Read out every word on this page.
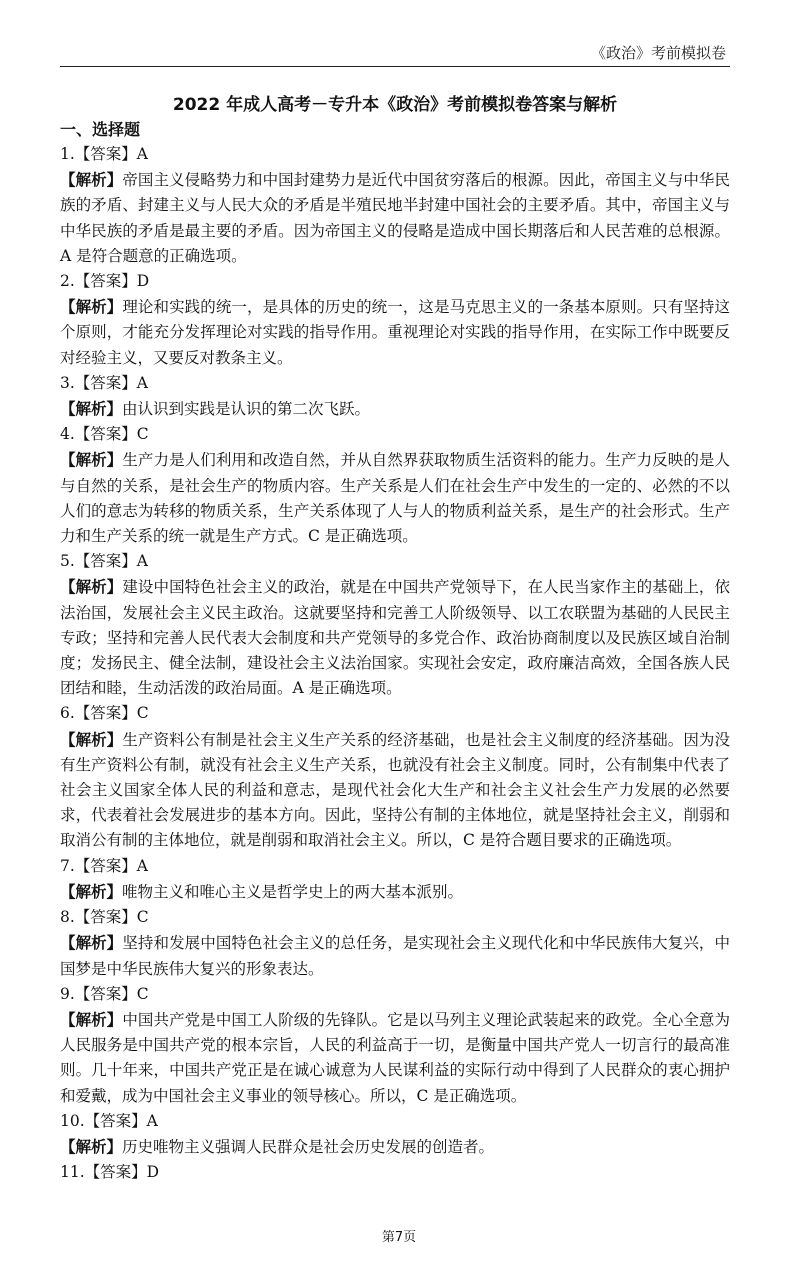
《政治》考前模拟卷
2022 年成人高考－专升本《政治》考前模拟卷答案与解析
一、选择题

1.【答案】A

【解析】帝国主义侵略势力和中国封建势力是近代中国贫穷落后的根源。因此，帝国主义与中华民族的矛盾、封建主义与人民大众的矛盾是半殖民地半封建中国社会的主要矛盾。其中，帝国主义与中华民族的矛盾是最主要的矛盾。因为帝国主义的侵略是造成中国长期落后和人民苦难的总根源。A 是符合题意的正确选项。

2.【答案】D

【解析】理论和实践的统一，是具体的历史的统一，这是马克思主义的一条基本原则。只有坚持这个原则，才能充分发挥理论对实践的指导作用。重视理论对实践的指导作用，在实际工作中既要反对经验主义，又要反对教条主义。

3.【答案】A

【解析】由认识到实践是认识的第二次飞跃。

4.【答案】C

【解析】生产力是人们利用和改造自然，并从自然界获取物质生活资料的能力。生产力反映的是人与自然的关系，是社会生产的物质内容。生产关系是人们在社会生产中发生的一定的、必然的不以人们的意志为转移的物质关系，生产关系体现了人与人的物质利益关系，是生产的社会形式。生产力和生产关系的统一就是生产方式。C 是正确选项。

5.【答案】A

【解析】建设中国特色社会主义的政治，就是在中国共产党领导下，在人民当家作主的基础上，依法治国，发展社会主义民主政治。这就要坚持和完善工人阶级领导、以工农联盟为基础的人民民主专政；坚持和完善人民代表大会制度和共产党领导的多党合作、政治协商制度以及民族区域自治制度；发扬民主、健全法制，建设社会主义法治国家。实现社会安定，政府廉洁高效，全国各族人民团结和睦，生动活泼的政治局面。A 是正确选项。

6.【答案】C

【解析】生产资料公有制是社会主义生产关系的经济基础，也是社会主义制度的经济基础。因为没有生产资料公有制，就没有社会主义生产关系，也就没有社会主义制度。同时，公有制集中代表了社会主义国家全体人民的利益和意志，是现代社会化大生产和社会主义社会生产力发展的必然要求，代表着社会发展进步的基本方向。因此，坚持公有制的主体地位，就是坚持社会主义，削弱和取消公有制的主体地位，就是削弱和取消社会主义。所以，C 是符合题目要求的正确选项。

7.【答案】A

【解析】唯物主义和唯心主义是哲学史上的两大基本派别。

8.【答案】C

【解析】坚持和发展中国特色社会主义的总任务，是实现社会主义现代化和中华民族伟大复兴，中国梦是中华民族伟大复兴的形象表达。

9.【答案】C

【解析】中国共产党是中国工人阶级的先锋队。它是以马列主义理论武装起来的政党。全心全意为人民服务是中国共产党的根本宗旨，人民的利益高于一切，是衡量中国共产党人一切言行的最高准则。几十年来，中国共产党正是在诚心诚意为人民谋利益的实际行动中得到了人民群众的衷心拥护和爱戴，成为中国社会主义事业的领导核心。所以，C 是正确选项。

10.【答案】A

【解析】历史唯物主义强调人民群众是社会历史发展的创造者。

11.【答案】D

第7页
